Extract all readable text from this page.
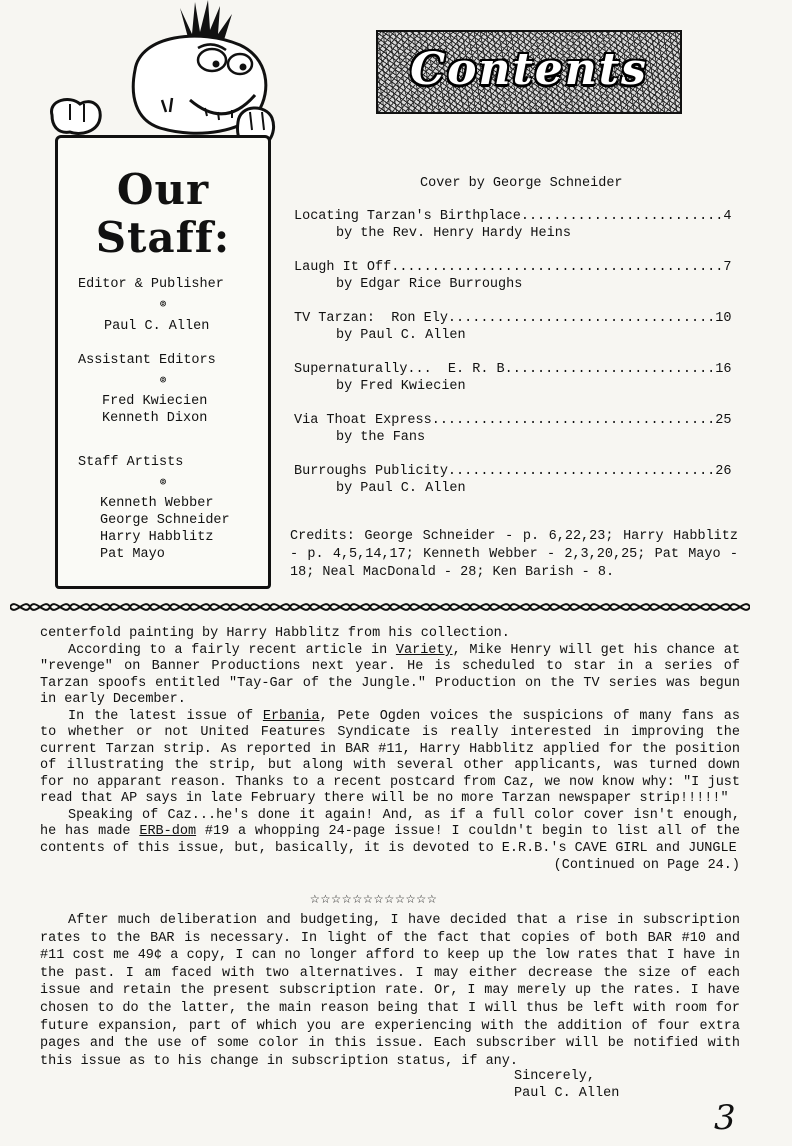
Our
Staff:
Editor & Publisher
⊚
Paul C. Allen
Assistant Editors
⊚
Fred Kwiecien
Kenneth Dixon
Staff Artists
⊚
Kenneth Webber
George Schneider
Harry Habblitz
Pat Mayo
Contents
Cover by George Schneider
Locating Tarzan's Birthplace.........................4
by the Rev. Henry Hardy Heins
Laugh It Off.........................................7
by Edgar Rice Burroughs
TV Tarzan:  Ron Ely.................................10
by Paul C. Allen
Supernaturally...  E. R. B..........................16
by Fred Kwiecien
Via Thoat Express...................................25
by the Fans
Burroughs Publicity.................................26
by Paul C. Allen
Credits: George Schneider - p. 6,22,23; Harry Habblitz - p. 4,5,14,17; Kenneth Webber - 2,3,20,25; Pat Mayo - 18; Neal MacDonald - 28; Ken Barish - 8.

centerfold painting by Harry Habblitz from his collection.

According to a fairly recent article in Variety, Mike Henry will get his chance at "revenge" on Banner Productions next year. He is scheduled to star in a series of Tarzan spoofs entitled "Tay-Gar of the Jungle." Production on the TV series was begun in early December.

In the latest issue of Erbania, Pete Ogden voices the suspicions of many fans as to whether or not United Features Syndicate is really interested in improving the current Tarzan strip. As reported in BAR #11, Harry Habblitz applied for the position of illustrating the strip, but along with several other applicants, was turned down for no apparant reason. Thanks to a recent postcard from Caz, we now know why: "I just read that AP says in late February there will be no more Tarzan newspaper strip!!!!!"

Speaking of Caz...he's done it again! And, as if a full color cover isn't enough, he has made ERB-dom #19 a whopping 24-page issue! I couldn't begin to list all of the contents of this issue, but, basically, it is devoted to E.R.B.'s CAVE GIRL and JUNGLE

(Continued on Page 24.)
☆☆☆☆☆☆☆☆☆☆☆☆

After much deliberation and budgeting, I have decided that a rise in subscription rates to the BAR is necessary. In light of the fact that copies of both BAR #10 and #11 cost me 49¢ a copy, I can no longer afford to keep up the low rates that I have in the past. I am faced with two alternatives. I may either decrease the size of each issue and retain the present subscription rate. Or, I may merely up the rates. I have chosen to do the latter, the main reason being that I will thus be left with room for future expansion, part of which you are experiencing with the addition of four extra pages and the use of some color in this issue. Each subscriber will be notified with this issue as to his change in subscription status, if any.

Sincerely,
Paul C. Allen
3
